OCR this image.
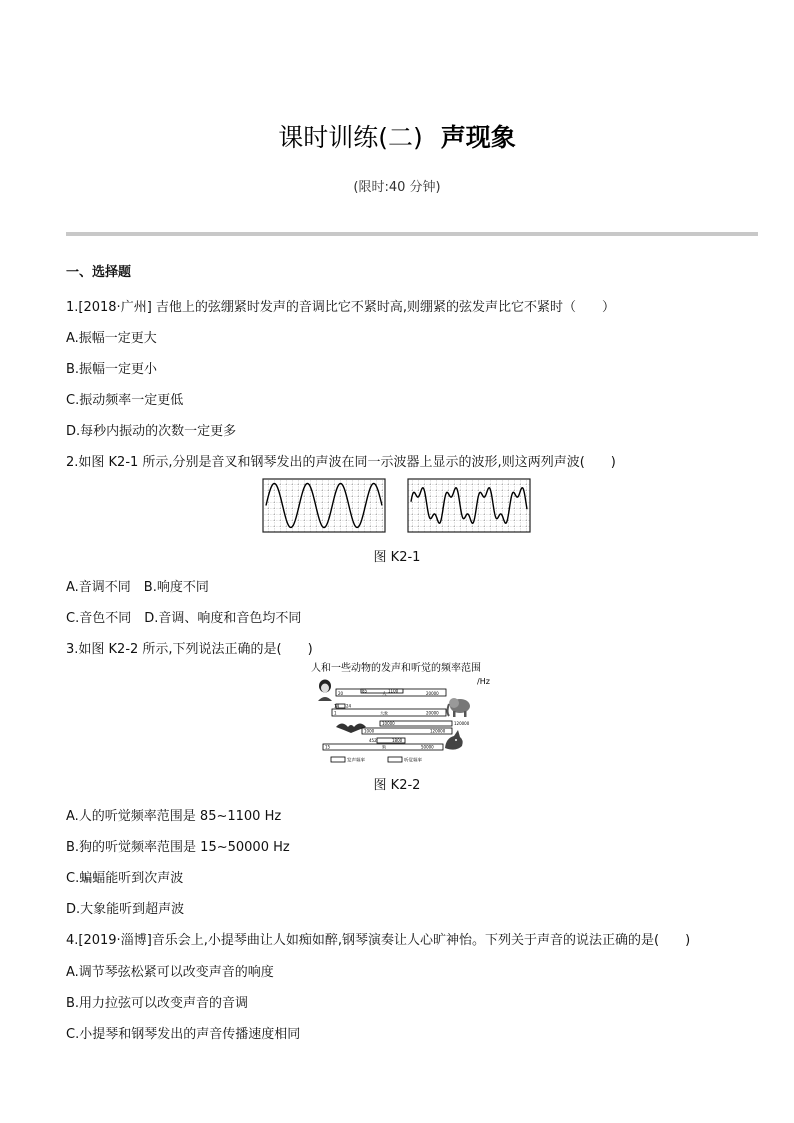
课时训练(二) 声现象
(限时:40 分钟)
一、选择题
1.[2018·广州] 吉他上的弦绷紧时发声的音调比它不紧时高,则绷紧的弦发声比它不紧时（　　）
A.振幅一定更大
B.振幅一定更小
C.振动频率一定更低
D.每秒内振动的次数一定更多
2.如图 K2-1 所示,分别是音叉和钢琴发出的声波在同一示波器上显示的波形,则这两列声波(　　)
图 K2-1
A.音调不同　B.响度不同
C.音色不同　D.音调、响度和音色均不同
3.如图 K2-2 所示,下列说法正确的是(　　)
人和一些动物的发声和听觉的频率范围
/Hz
85	1100
20	人	20000
14 24
1	大象	20000
10000	120000
1000	120000
452	1800
15	狗	50000
发声频率	听觉频率
图 K2-2
A.人的听觉频率范围是 85~1100 Hz
B.狗的听觉频率范围是 15~50000 Hz
C.蝙蝠能听到次声波
D.大象能听到超声波
4.[2019·淄博]音乐会上,小提琴曲让人如痴如醉,钢琴演奏让人心旷神怡。下列关于声音的说法正确的是(　　)
A.调节琴弦松紧可以改变声音的响度
B.用力拉弦可以改变声音的音调
C.小提琴和钢琴发出的声音传播速度相同
